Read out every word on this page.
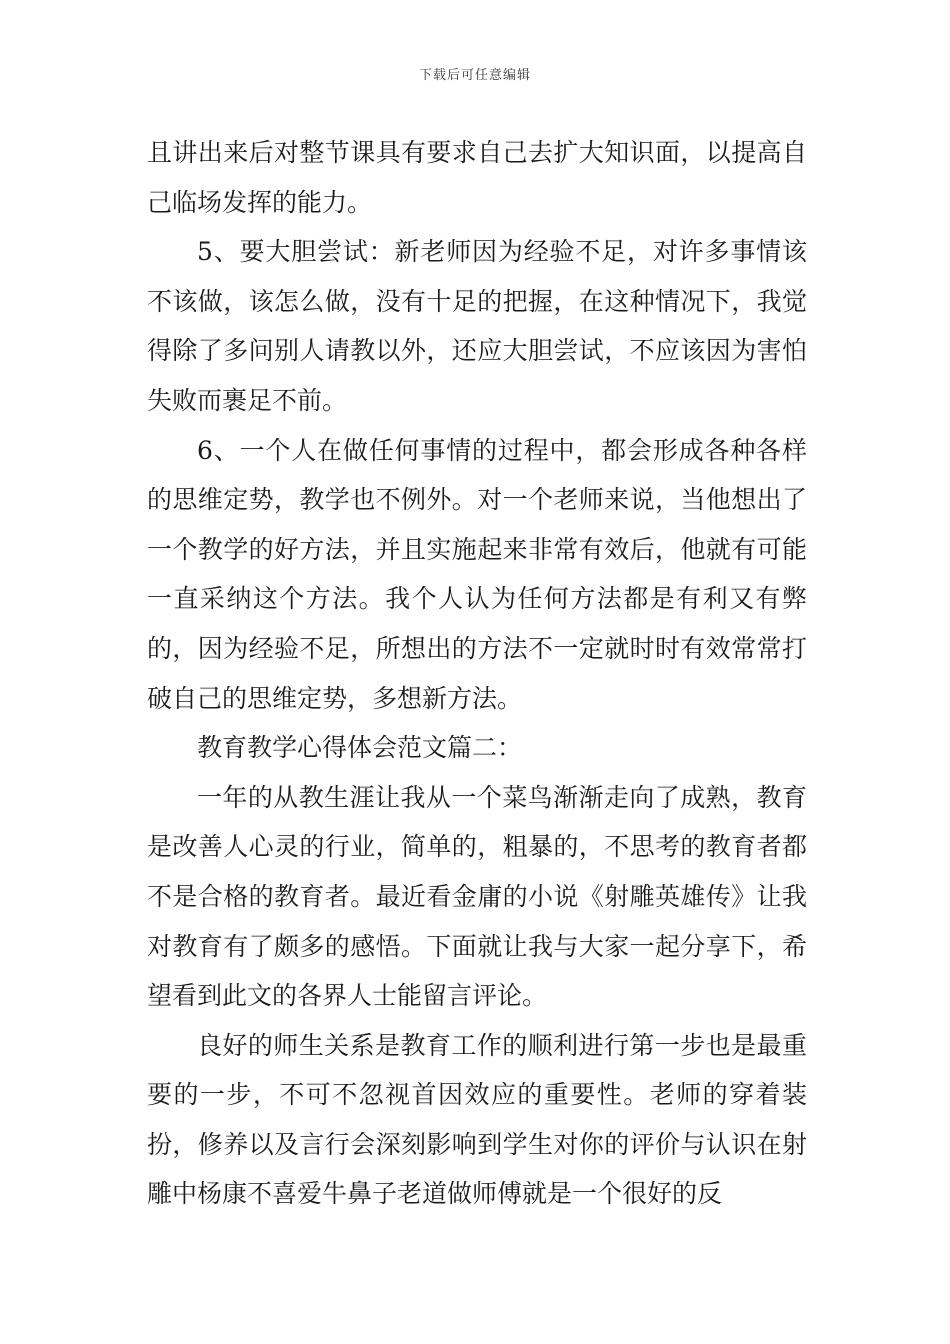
下载后可任意编辑

且讲出来后对整节课具有要求自己去扩大知识面，以提高自己临场发挥的能力。

5、要大胆尝试：新老师因为经验不足，对许多事情该不该做，该怎么做，没有十足的把握，在这种情况下，我觉得除了多问别人请教以外，还应大胆尝试，不应该因为害怕失败而裹足不前。

6、一个人在做任何事情的过程中，都会形成各种各样的思维定势，教学也不例外。对一个老师来说，当他想出了一个教学的好方法，并且实施起来非常有效后，他就有可能一直采纳这个方法。我个人认为任何方法都是有利又有弊的，因为经验不足，所想出的方法不一定就时时有效常常打破自己的思维定势，多想新方法。

教育教学心得体会范文篇二：

一年的从教生涯让我从一个菜鸟渐渐走向了成熟，教育是改善人心灵的行业，简单的，粗暴的，不思考的教育者都不是合格的教育者。最近看金庸的小说《射雕英雄传》让我对教育有了颇多的感悟。下面就让我与大家一起分享下，希望看到此文的各界人士能留言评论。

良好的师生关系是教育工作的顺利进行第一步也是最重要的一步，不可不忽视首因效应的重要性。老师的穿着装扮，修养以及言行会深刻影响到学生对你的评价与认识在射雕中杨康不喜爱牛鼻子老道做师傅就是一个很好的反
